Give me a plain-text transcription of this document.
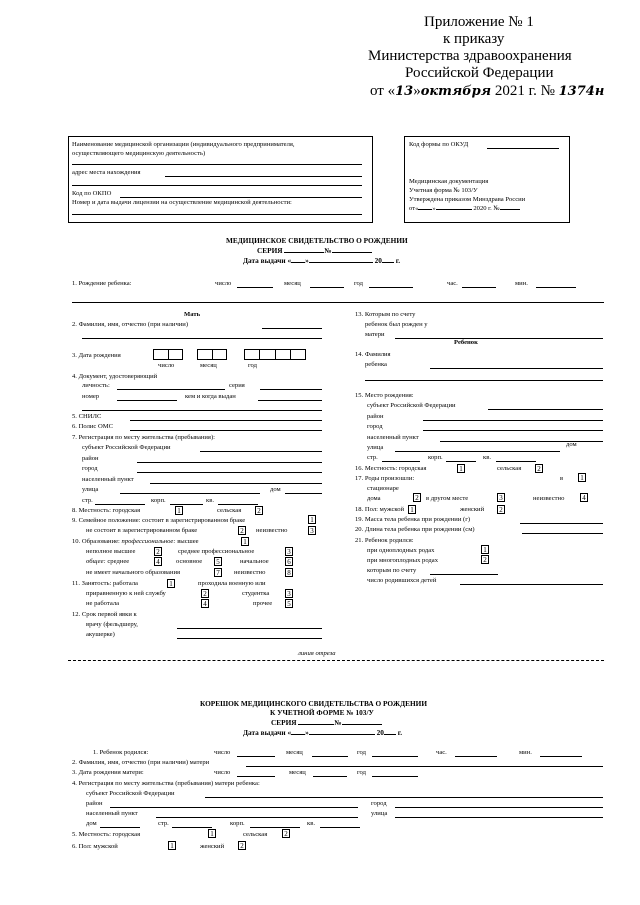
Приложение № 1
к приказу
Министерства здравоохранения
Российской Федерации
от «13»октября 2021 г. № 1374н
Наименование медицинской организации (индивидуального предпринимателя,
осуществляющего медицинскую деятельность)
адрес места нахождения
Код по ОКПО
Номер и дата выдачи лицензии на осуществление медицинской деятельности:
Код формы по ОКУД
Медицинская документация
Учетная форма № 103/У
Утверждена приказом Минздрава России
от« »	2020 г. №
МЕДИЦИНСКОЕ СВИДЕТЕЛЬСТВО О РОЖДЕНИИ
СЕРИЯ	№
Дата выдачи « »	20 г.
1. Рождение ребенка:	число	месяц	год	час.	мин.
Мать
2. Фамилия, имя, отчество (при наличии)
3. Дата рождения
число	месяц	год
4. Документ, удостоверяющий
личность:	серия
номер	кем и когда выдан
5. СНИЛС
6. Полис ОМС
7. Регистрация по месту жительства (пребывания):
субъект Российской Федерации
район
город
населенный пункт
улица	дом
стр.	корп.	кв.
8. Местность: городская	1	сельская	2
9. Семейное положение: состоит в зарегистрированном браке	1
не состоит в зарегистрированном браке	2	неизвестно	3
10. Образование: профессиональное: высшее	1
неполное высшее	2	среднее профессиональное	3
общее: среднее	4	основное	5	начальное	6
не имеет начального образования	7	неизвестно	8
11. Занятость: работала	1	проходила военную или
приравненную к ней службу	2	студентка	3
не работала	4	прочее	5
12. Срок первой явки к
врачу (фельдшеру,
акушерке)
13. Которым по счету
ребенок был рожден у
матери
Ребенок
14. Фамилия
ребенка
15. Место рождения:
субъект Российской Федерации
район
город
населенный пункт
улица	дом
стр.	корп.	кв.
16. Местность: городская	1	сельская	2
17. Роды произошли:	в	1
стационаре
дома	2	в другом месте	3	неизвестно	4
18. Пол: мужской 1	женский	2
19. Масса тела ребенка при рождении (г)
20. Длина тела ребенка при рождении (см)
21. Ребенок родился:
при одноплодных родах	1
при многоплодных родах	2
которым по счету
число родившихся детей
линия отреза
КОРЕШОК МЕДИЦИНСКОГО СВИДЕТЕЛЬСТВА О РОЖДЕНИИ
К УЧЕТНОЙ ФОРМЕ № 103/У
СЕРИЯ	№
Дата выдачи « »	20 г.
1. Ребенок родился:	число	месяц	год	час.	мин.
2. Фамилия, имя, отчество (при наличии) матери
3. Дата рождения матери:	число	месяц	год
4. Регистрация по месту жительства (пребывания) матери ребенка:
субъект Российской Федерации
район	город
населенный пункт	улица
дом	стр.	корп.	кв.
5. Местность: городская	1	сельская	2
6. Пол: мужской	1	женский	2
